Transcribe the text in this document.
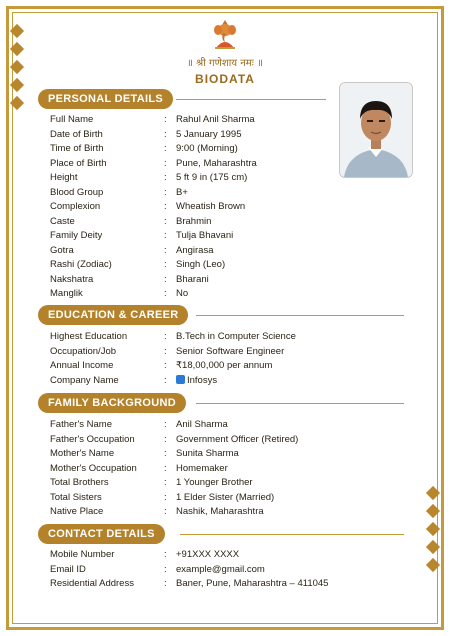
॥ श्री गणेशाय नमः ॥
BIODATA
PERSONAL DETAILS
Full Name	: Rahul Anil Sharma
Date of Birth	: 5 January 1995
Time of Birth	: 9:00 (Morning)
Place of Birth	: Pune, Maharashtra
Height	: 5 ft 9 in (175 cm)
Blood Group	: B+
Complexion	: Wheatish Brown
Caste	: Brahmin
Family Deity	: Tulja Bhavani
Gotra	: Angirasa
Rashi (Zodiac)	: Singh (Leo)
Nakshatra	: Bharani
Manglik	: No
EDUCATION & CAREER
Highest Education	: B.Tech in Computer Science
Occupation/Job	: Senior Software Engineer
Annual Income	: ₹18,00,000 per annum
Company Name	:	Infosys
FAMILY BACKGROUND
Father's Name	: Anil Sharma
Father's Occupation	: Government Officer (Retired)
Mother's Name	: Sunita Sharma
Mother's Occupation	: Homemaker
Total Brothers	: 1 Younger Brother
Total Sisters	: 1 Elder Sister (Married)
Native Place	: Nashik, Maharashtra
CONTACT DETAILS
Mobile Number	: +91XXX XXXX
Email ID	: example@gmail.com
Residential Address	: Baner, Pune, Maharashtra – 411045
